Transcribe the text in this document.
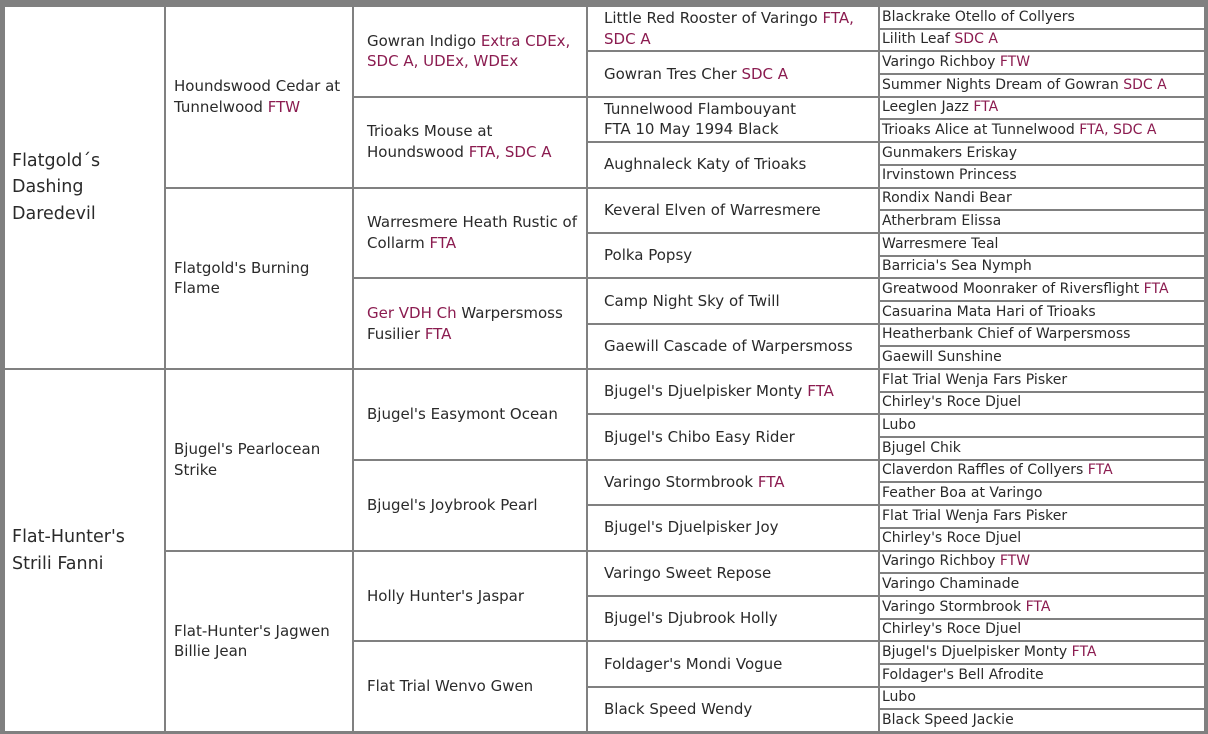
Flatgold´s Dashing Daredevil
Flat-Hunter's Strili Fanni
Houndswood Cedar at Tunnelwood FTW
Flatgold's Burning Flame
Bjugel's Pearlocean Strike
Flat-Hunter's Jagwen Billie Jean
Gowran Indigo Extra CDEx, SDC A, UDEx, WDEx
Trioaks Mouse at Houndswood FTA, SDC A
Warresmere Heath Rustic of Collarm FTA
Ger VDH Ch Warpersmoss Fusilier FTA
Bjugel's Easymont Ocean
Bjugel's Joybrook Pearl
Holly Hunter's Jaspar
Flat Trial Wenvo Gwen
Little Red Rooster of Varingo FTA, SDC A
Gowran Tres Cher SDC A
Tunnelwood Flambouyant FTA 10 May 1994 Black
Aughnaleck Katy of Trioaks
Keveral Elven of Warresmere
Polka Popsy
Camp Night Sky of Twill
Gaewill Cascade of Warpersmoss
Bjugel's Djuelpisker Monty FTA
Bjugel's Chibo Easy Rider
Varingo Stormbrook FTA
Bjugel's Djuelpisker Joy
Varingo Sweet Repose
Bjugel's Djubrook Holly
Foldager's Mondi Vogue
Black Speed Wendy
Blackrake Otello of Collyers

Lilith Leaf
SDC A
Varingo Richboy
FTW
Summer Nights Dream of Gowran
SDC A
Leeglen Jazz
FTA
Trioaks Alice at Tunnelwood
FTA, SDC A
Gunmakers Eriskay

Irvinstown Princess

Rondix Nandi Bear

Atherbram Elissa

Warresmere Teal

Barricia's Sea Nymph

Greatwood Moonraker of Riversflight
FTA
Casuarina Mata Hari of Trioaks

Heatherbank Chief of Warpersmoss

Gaewill Sunshine

Flat Trial Wenja Fars Pisker

Chirley's Roce Djuel

Lubo

Bjugel Chik

Claverdon Raffles of Collyers
FTA
Feather Boa at Varingo

Flat Trial Wenja Fars Pisker

Chirley's Roce Djuel

Varingo Richboy
FTW
Varingo Chaminade

Varingo Stormbrook
FTA
Chirley's Roce Djuel

Bjugel's Djuelpisker Monty
FTA
Foldager's Bell Afrodite

Lubo

Black Speed Jackie
